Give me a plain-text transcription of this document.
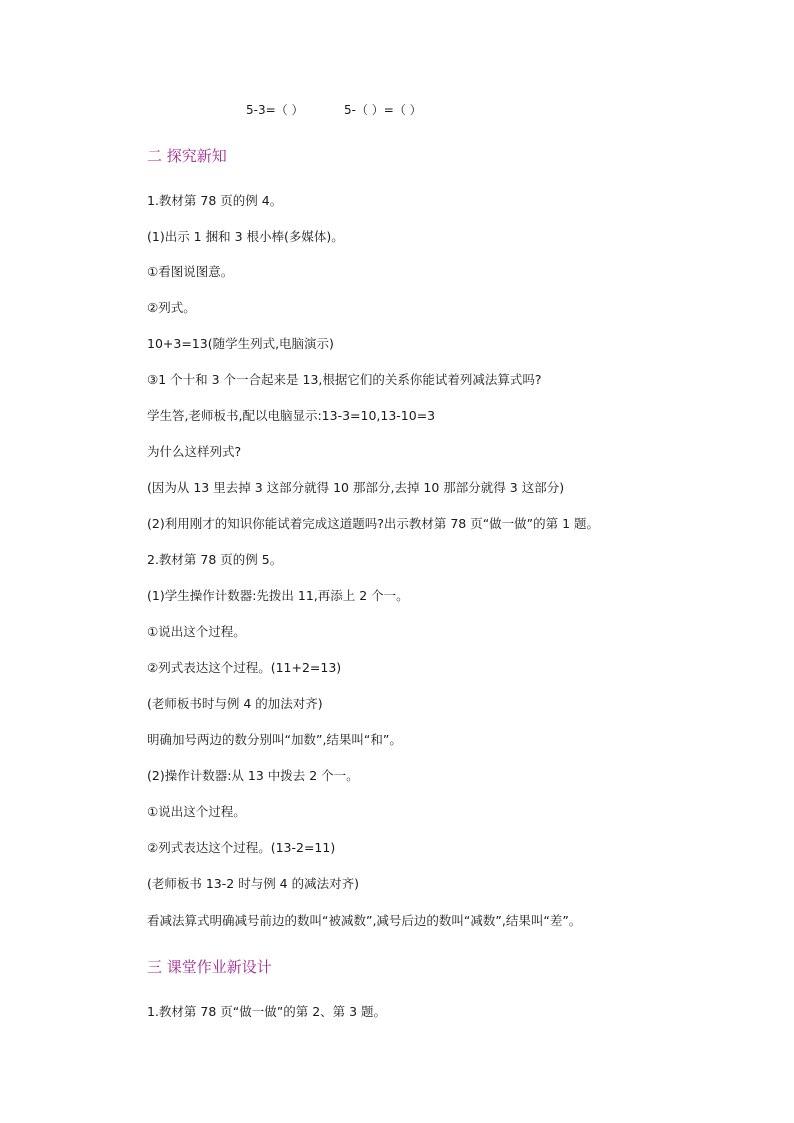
5-3=（ ）	5-（ ）=（ ）
二 探究新知
1.教材第 78 页的例 4。
(1)出示 1 捆和 3 根小棒(多媒体)。
①看图说图意。
②列式。
10+3=13(随学生列式,电脑演示)
③1 个十和 3 个一合起来是 13,根据它们的关系你能试着列减法算式吗?
学生答,老师板书,配以电脑显示:13-3=10,13-10=3
为什么这样列式?
(因为从 13 里去掉 3 这部分就得 10 那部分,去掉 10 那部分就得 3 这部分)
(2)利用刚才的知识你能试着完成这道题吗?出示教材第 78 页“做一做”的第 1 题。
2.教材第 78 页的例 5。
(1)学生操作计数器:先拨出 11,再添上 2 个一。
①说出这个过程。
②列式表达这个过程。(11+2=13)
(老师板书时与例 4 的加法对齐)
明确加号两边的数分别叫“加数”,结果叫“和”。
(2)操作计数器:从 13 中拨去 2 个一。
①说出这个过程。
②列式表达这个过程。(13-2=11)
(老师板书 13-2 时与例 4 的减法对齐)
看减法算式明确减号前边的数叫“被减数”,减号后边的数叫“减数”,结果叫“差”。
三 课堂作业新设计
1.教材第 78 页“做一做”的第 2、第 3 题。
